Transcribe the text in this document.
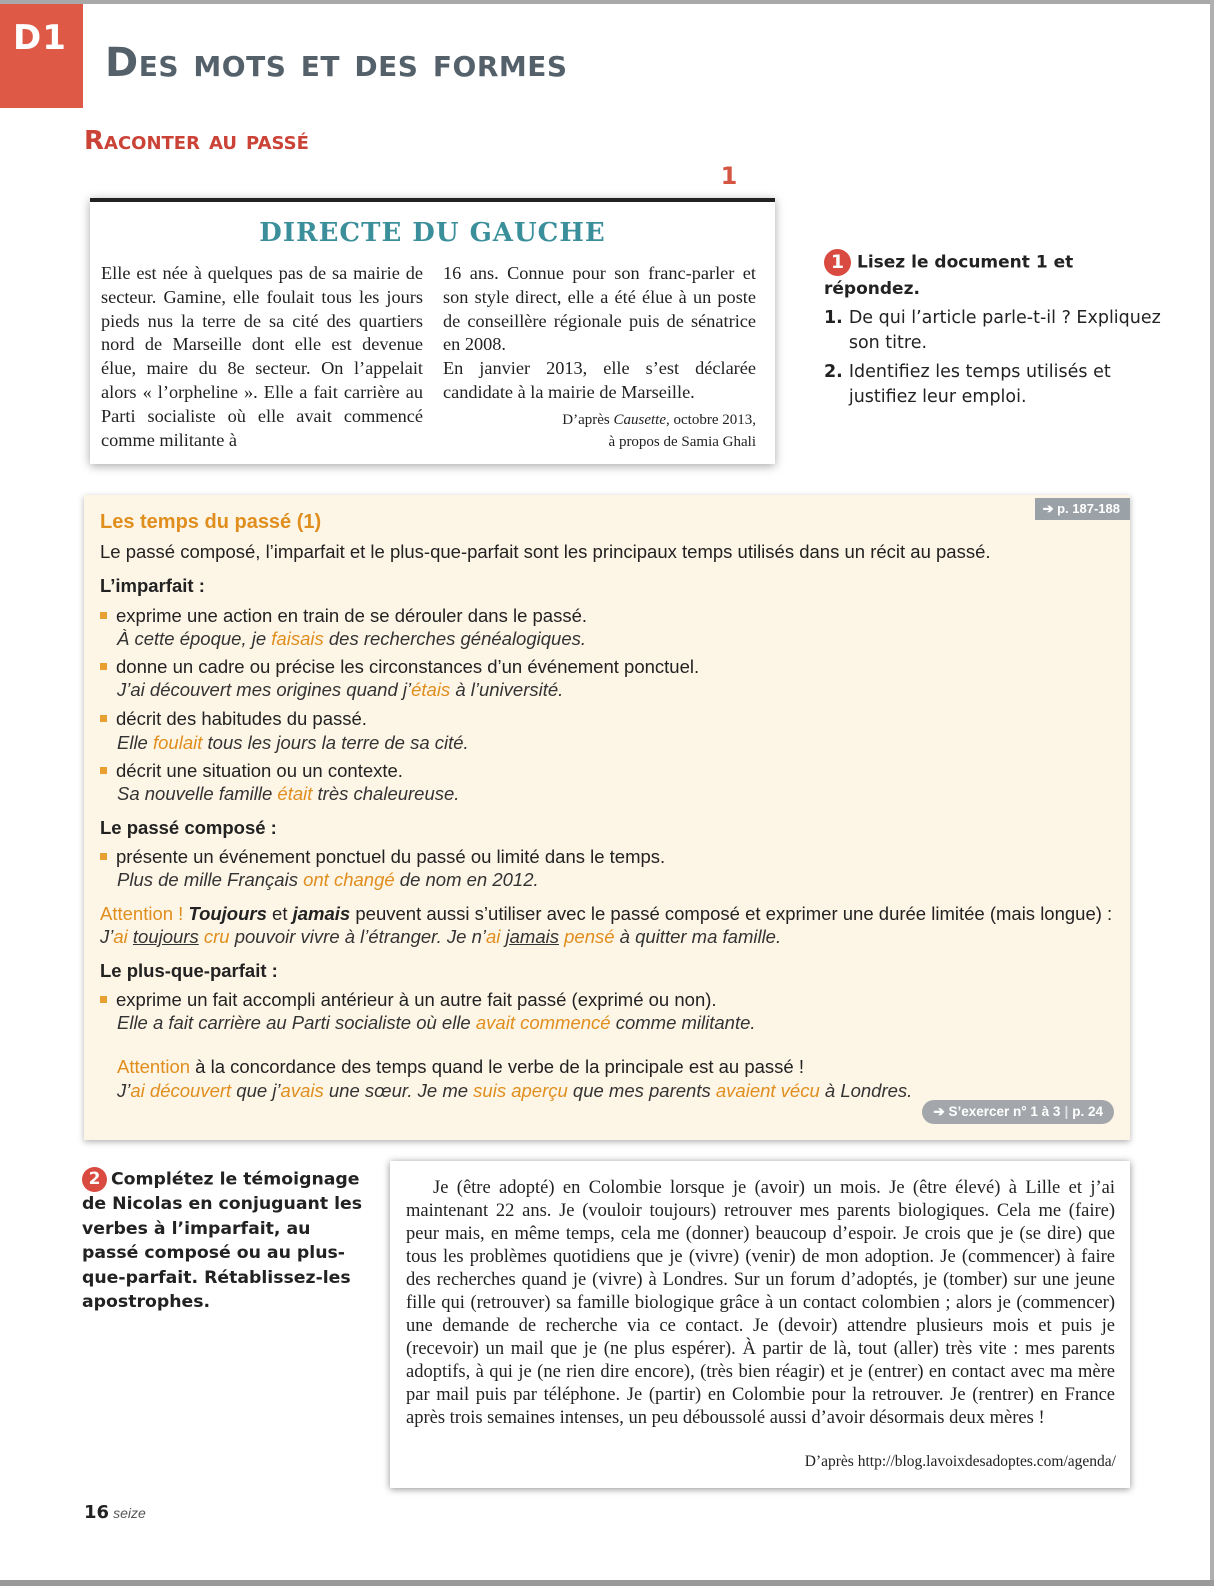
D1
Des mots et des formes
Raconter au passé
1
DIRECTE DU GAUCHE
Elle est née à quelques pas de sa mairie de secteur. Gamine, elle foulait tous les jours pieds nus la terre de sa cité des quartiers nord de Marseille dont elle est devenue élue, maire du 8e secteur. On l’appelait alors « l’orpheline ». Elle a fait carrière au Parti socialiste où elle avait commencé comme militante à
16 ans. Connue pour son franc-parler et son style direct, elle a été élue à un poste de conseillère régionale puis de sénatrice en 2008.
En janvier 2013, elle s’est déclarée candidate à la mairie de Marseille.
D’après Causette, octobre 2013,
à propos de Samia Ghali
1 Lisez le document 1 et répondez.
1. De qui l’article parle-t-il ? Expliquez son titre.
2. Identifiez les temps utilisés et justifiez leur emploi.
➔ p. 187-188
Les temps du passé (1)
Le passé composé, l’imparfait et le plus-que-parfait sont les principaux temps utilisés dans un récit au passé.
L’imparfait :
exprime une action en train de se dérouler dans le passé.
À cette époque, je faisais des recherches généalogiques.
donne un cadre ou précise les circonstances d’un événement ponctuel.
J’ai découvert mes origines quand j’étais à l’université.
décrit des habitudes du passé.
Elle foulait tous les jours la terre de sa cité.
décrit une situation ou un contexte.
Sa nouvelle famille était très chaleureuse.
Le passé composé :
présente un événement ponctuel du passé ou limité dans le temps.
Plus de mille Français ont changé de nom en 2012.
Attention ! Toujours et jamais peuvent aussi s’utiliser avec le passé composé et exprimer une durée limitée (mais longue) :
J’ai toujours cru pouvoir vivre à l’étranger. Je n’ai jamais pensé à quitter ma famille.
Le plus-que-parfait :
exprime un fait accompli antérieur à un autre fait passé (exprimé ou non).
Elle a fait carrière au Parti socialiste où elle avait commencé comme militante.
Attention à la concordance des temps quand le verbe de la principale est au passé !
J’ai découvert que j’avais une sœur. Je me suis aperçu que mes parents avaient vécu à Londres.
➔ S’exercer n° 1 à 3 | p. 24
2 Complétez le témoignage de Nicolas en conjuguant les verbes à l’imparfait, au passé composé ou au plus-que-parfait. Rétablissez-les apostrophes.
Je (être adopté) en Colombie lorsque je (avoir) un mois. Je (être élevé) à Lille et j’ai maintenant 22 ans. Je (vouloir toujours) retrouver mes parents biologiques. Cela me (faire) peur mais, en même temps, cela me (donner) beaucoup d’espoir. Je crois que je (se dire) que tous les problèmes quotidiens que je (vivre) (venir) de mon adoption. Je (commencer) à faire des recherches quand je (vivre) à Londres. Sur un forum d’adoptés, je (tomber) sur une jeune fille qui (retrouver) sa famille biologique grâce à un contact colombien ; alors je (commencer) une demande de recherche via ce contact. Je (devoir) attendre plusieurs mois et puis je (recevoir) un mail que je (ne plus espérer). À partir de là, tout (aller) très vite : mes parents adoptifs, à qui je (ne rien dire encore), (très bien réagir) et je (entrer) en contact avec ma mère par mail puis par téléphone. Je (partir) en Colombie pour la retrouver. Je (rentrer) en France après trois semaines intenses, un peu déboussolé aussi d’avoir désormais deux mères !
D’après http://blog.lavoixdesadoptes.com/agenda/
16 seize
